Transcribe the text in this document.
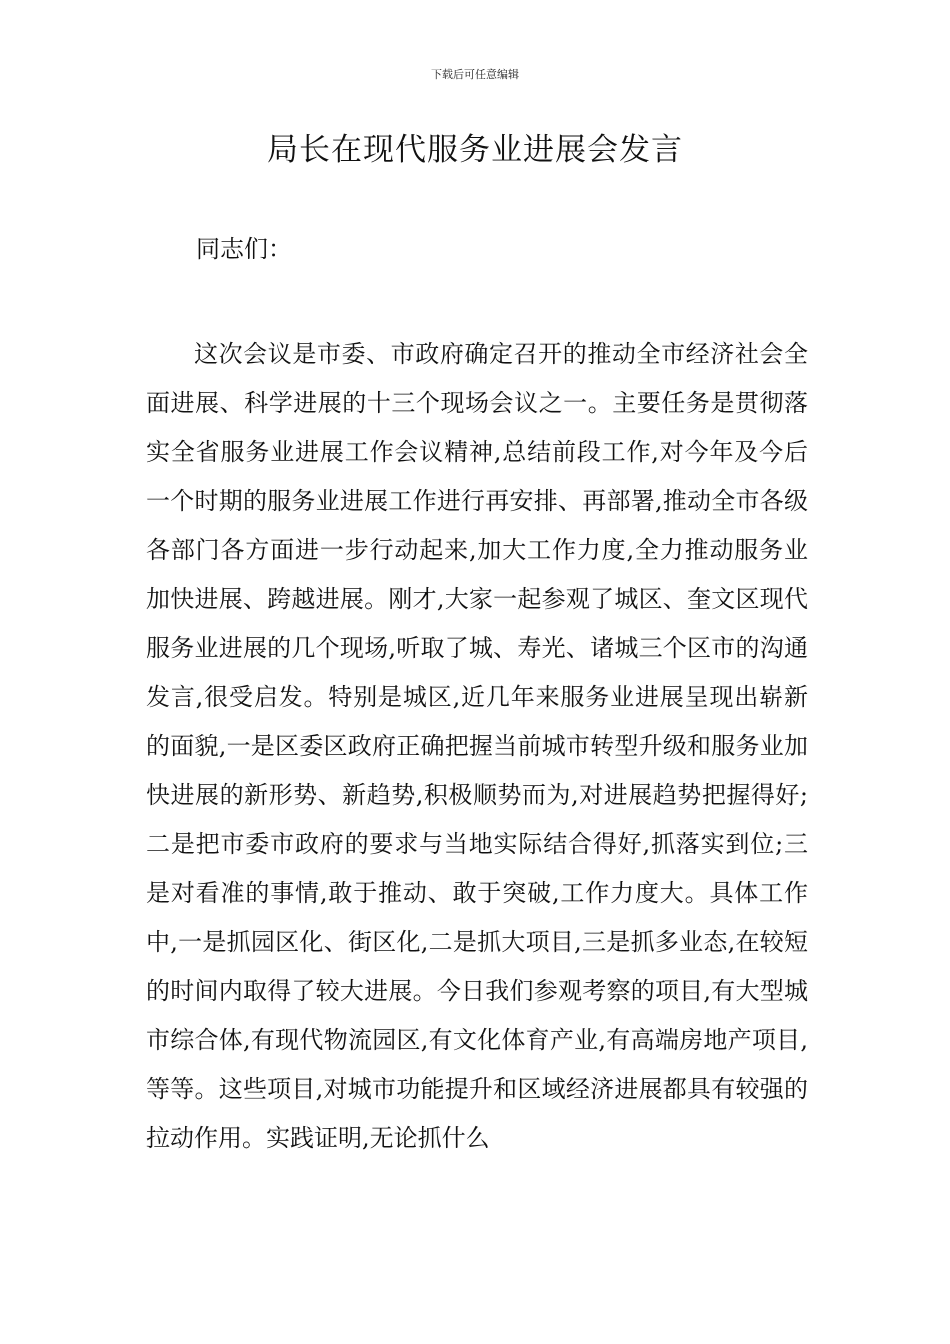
下载后可任意编辑
局长在现代服务业进展会发言
同志们：

这次会议是市委、市政府确定召开的推动全市经济社会全面进展、科学进展的十三个现场会议之一。主要任务是贯彻落实全省服务业进展工作会议精神,总结前段工作,对今年及今后一个时期的服务业进展工作进行再安排、再部署,推动全市各级各部门各方面进一步行动起来,加大工作力度,全力推动服务业加快进展、跨越进展。刚才,大家一起参观了城区、奎文区现代服务业进展的几个现场,听取了城、寿光、诸城三个区市的沟通发言,很受启发。特别是城区,近几年来服务业进展呈现出崭新的面貌,一是区委区政府正确把握当前城市转型升级和服务业加快进展的新形势、新趋势,积极顺势而为,对进展趋势把握得好;二是把市委市政府的要求与当地实际结合得好,抓落实到位;三是对看准的事情,敢于推动、敢于突破,工作力度大。具体工作中,一是抓园区化、街区化,二是抓大项目,三是抓多业态,在较短的时间内取得了较大进展。今日我们参观考察的项目,有大型城市综合体,有现代物流园区,有文化体育产业,有高端房地产项目,等等。这些项目,对城市功能提升和区域经济进展都具有较强的拉动作用。实践证明,无论抓什么
